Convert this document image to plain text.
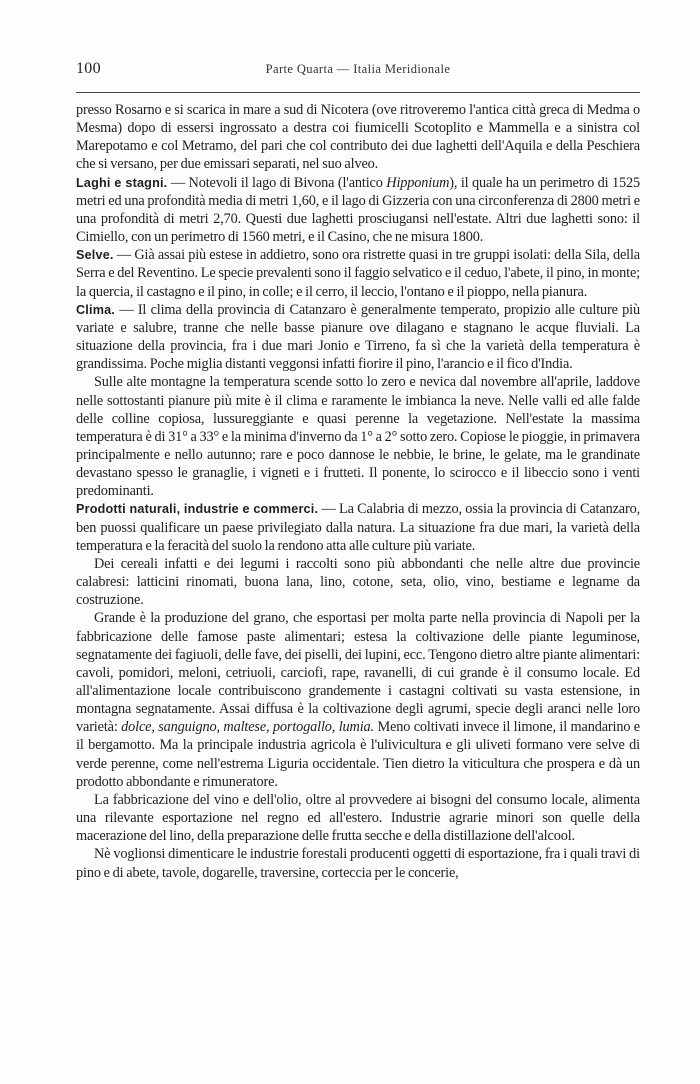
100	Parte Quarta — Italia Meridionale

presso Rosarno e si scarica in mare a sud di Nicotera (ove ritroveremo l'antica città greca di Medma o Mesma) dopo di essersi ingrossato a destra coi fiumicelli Scotoplito e Mammella e a sinistra col Marepotamo e col Metramo, del pari che col contributo dei due laghetti dell'Aquila e della Peschiera che si versano, per due emissari separati, nel suo alveo.

Laghi e stagni. — Notevoli il lago di Bivona (l'antico Hipponium), il quale ha un perimetro di 1525 metri ed una profondità media di metri 1,60, e il lago di Gizzeria con una circonferenza di 2800 metri e una profondità di metri 2,70. Questi due laghetti prosciugansi nell'estate. Altri due laghetti sono: il Cimiello, con un perimetro di 1560 metri, e il Casino, che ne misura 1800.

Selve. — Già assai più estese in addietro, sono ora ristrette quasi in tre gruppi isolati: della Sila, della Serra e del Reventino. Le specie prevalenti sono il faggio selvatico e il ceduo, l'abete, il pino, in monte; la quercia, il castagno e il pino, in colle; e il cerro, il leccio, l'ontano e il pioppo, nella pianura.

Clima. — Il clima della provincia di Catanzaro è generalmente temperato, propizio alle culture più variate e salubre, tranne che nelle basse pianure ove dilagano e stagnano le acque fluviali. La situazione della provincia, fra i due mari Jonio e Tirreno, fa sì che la varietà della temperatura è grandissima. Poche miglia distanti veggonsi infatti fiorire il pino, l'arancio e il fico d'India.

Sulle alte montagne la temperatura scende sotto lo zero e nevica dal novembre all'aprile, laddove nelle sottostanti pianure più mite è il clima e raramente le imbianca la neve. Nelle valli ed alle falde delle colline copiosa, lussureggiante e quasi perenne la vegetazione. Nell'estate la massima temperatura è di 31° a 33° e la minima d'inverno da 1° a 2° sotto zero. Copiose le pioggie, in primavera principalmente e nello autunno; rare e poco dannose le nebbie, le brine, le gelate, ma le grandinate devastano spesso le granaglie, i vigneti e i frutteti. Il ponente, lo scirocco e il libeccio sono i venti predominanti.

Prodotti naturali, industrie e commerci. — La Calabria di mezzo, ossia la provincia di Catanzaro, ben puossi qualificare un paese privilegiato dalla natura. La situazione fra due mari, la varietà della temperatura e la feracità del suolo la rendono atta alle culture più variate.

Dei cereali infatti e dei legumi i raccolti sono più abbondanti che nelle altre due provincie calabresi: latticini rinomati, buona lana, lino, cotone, seta, olio, vino, bestiame e legname da costruzione.

Grande è la produzione del grano, che esportasi per molta parte nella provincia di Napoli per la fabbricazione delle famose paste alimentari; estesa la coltivazione delle piante leguminose, segnatamente dei fagiuoli, delle fave, dei piselli, dei lupini, ecc. Tengono dietro altre piante alimentari: cavoli, pomidori, meloni, cetriuoli, carciofi, rape, ravanelli, di cui grande è il consumo locale. Ed all'alimentazione locale contribuiscono grandemente i castagni coltivati su vasta estensione, in montagna segnatamente. Assai diffusa è la coltivazione degli agrumi, specie degli aranci nelle loro varietà: dolce, sanguigno, maltese, portogallo, lumia. Meno coltivati invece il limone, il mandarino e il bergamotto. Ma la principale industria agricola è l'ulivicultura e gli uliveti formano vere selve di verde perenne, come nell'estrema Liguria occidentale. Tien dietro la viticultura che prospera e dà un prodotto abbondante e rimuneratore.

La fabbricazione del vino e dell'olio, oltre al provvedere ai bisogni del consumo locale, alimenta una rilevante esportazione nel regno ed all'estero. Industrie agrarie minori son quelle della macerazione del lino, della preparazione delle frutta secche e della distillazione dell'alcool.

Nè voglionsi dimenticare le industrie forestali producenti oggetti di esportazione, fra i quali travi di pino e di abete, tavole, dogarelle, traversine, corteccia per le concerie,
